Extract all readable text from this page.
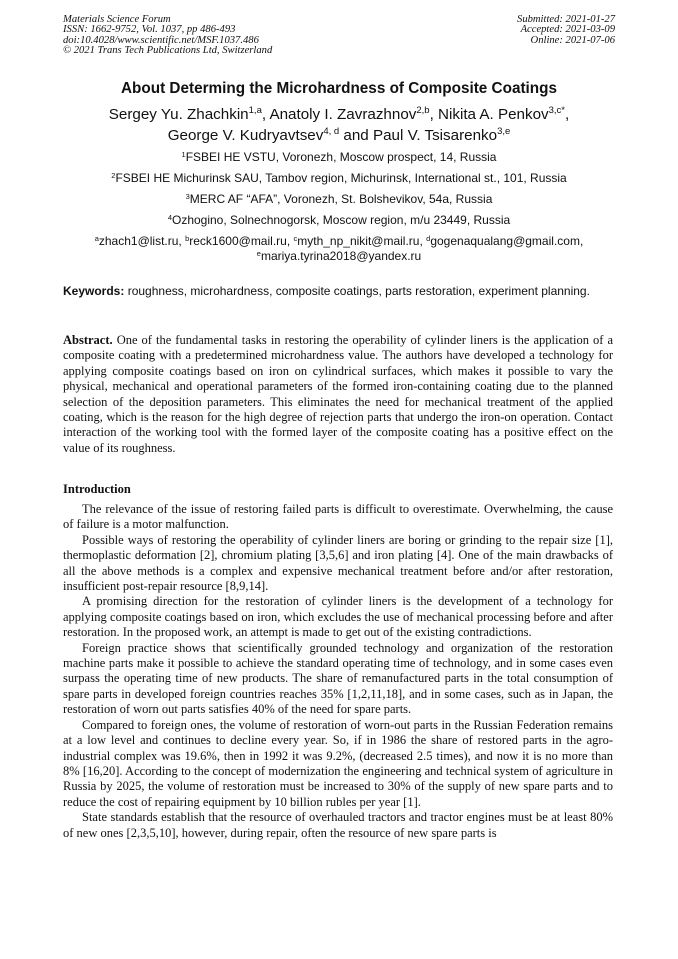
Materials Science Forum
ISSN: 1662-9752, Vol. 1037, pp 486-493
doi:10.4028/www.scientific.net/MSF.1037.486
© 2021 Trans Tech Publications Ltd, Switzerland
Submitted: 2021-01-27
Accepted: 2021-03-09
Online: 2021-07-06
About Determing the Microhardness of Composite Coatings
Sergey Yu. Zhachkin$^{1,a}$, Anatoly I. Zavrazhnov$^{2,b}$, Nikita A. Penkov$^{3,c*}$,
George V. Kudryavtsev$^{4, d}$ and Paul V. Tsisarenko$^{3,e}$
$^1$FSBEI HE VSTU, Voronezh, Moscow prospect, 14, Russia
$^2$FSBEI HE Michurinsk SAU, Tambov region, Michurinsk, International st., 101, Russia
$^3$MERC AF “AFA”, Voronezh, St. Bolshevikov, 54a, Russia
$^4$Ozhogino, Solnechnogorsk, Moscow region, m/u 23449, Russia
$^a$zhach1@list.ru, $^b$reck1600@mail.ru, $^c$myth_np_nikit@mail.ru, $^d$gogenaqualang@gmail.com,
$^e$mariya.tyrina2018@yandex.ru
Keywords: roughness, microhardness, composite coatings, parts restoration, experiment planning.
Abstract. One of the fundamental tasks in restoring the operability of cylinder liners is the application of a composite coating with a predetermined microhardness value. The authors have developed a technology for applying composite coatings based on iron on cylindrical surfaces, which makes it possible to vary the physical, mechanical and operational parameters of the formed iron-containing coating due to the planned selection of the deposition parameters. This eliminates the need for mechanical treatment of the applied coating, which is the reason for the high degree of rejection parts that undergo the iron-on operation. Contact interaction of the working tool with the formed layer of the composite coating has a positive effect on the value of its roughness.
Introduction

The relevance of the issue of restoring failed parts is difficult to overestimate. Overwhelming, the cause of failure is a motor malfunction.

Possible ways of restoring the operability of cylinder liners are boring or grinding to the repair size [1], thermoplastic deformation [2], chromium plating [3,5,6] and iron plating [4]. One of the main drawbacks of all the above methods is a complex and expensive mechanical treatment before and/or after restoration, insufficient post-repair resource [8,9,14].

A promising direction for the restoration of cylinder liners is the development of a technology for applying composite coatings based on iron, which excludes the use of mechanical processing before and after restoration. In the proposed work, an attempt is made to get out of the existing contradictions.

Foreign practice shows that scientifically grounded technology and organization of the restoration machine parts make it possible to achieve the standard operating time of technology, and in some cases even surpass the operating time of new products. The share of remanufactured parts in the total consumption of spare parts in developed foreign countries reaches 35% [1,2,11,18], and in some cases, such as in Japan, the restoration of worn out parts satisfies 40% of the need for spare parts.

Compared to foreign ones, the volume of restoration of worn-out parts in the Russian Federation remains at a low level and continues to decline every year. So, if in 1986 the share of restored parts in the agro-industrial complex was 19.6%, then in 1992 it was 9.2%, (decreased 2.5 times), and now it is no more than 8% [16,20]. According to the concept of modernization the engineering and technical system of agriculture in Russia by 2025, the volume of restoration must be increased to 30% of the supply of new spare parts and to reduce the cost of repairing equipment by 10 billion rubles per year [1].

State standards establish that the resource of overhauled tractors and tractor engines must be at least 80% of new ones [2,3,5,10], however, during repair, often the resource of new spare parts is
